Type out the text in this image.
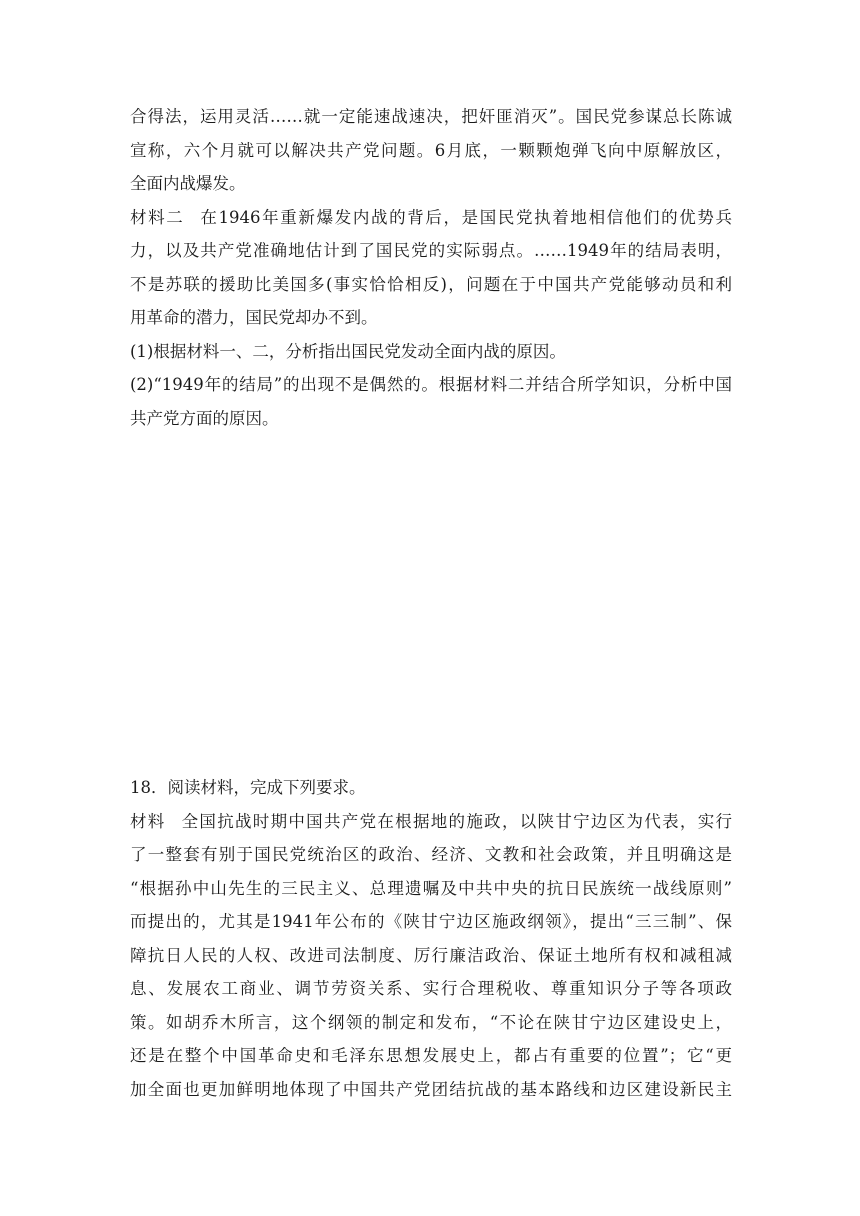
合得法，运用灵活……就一定能速战速决，把奸匪消灭”。国民党参谋总长陈诚
宣称，六个月就可以解决共产党问题。6月底，一颗颗炮弹飞向中原解放区，
全面内战爆发。
材料二 在1946年重新爆发内战的背后，是国民党执着地相信他们的优势兵
力，以及共产党准确地估计到了国民党的实际弱点。……1949年的结局表明，
不是苏联的援助比美国多(事实恰恰相反)，问题在于中国共产党能够动员和利
用革命的潜力，国民党却办不到。
(1)根据材料一、二，分析指出国民党发动全面内战的原因。
(2)“1949年的结局”的出现不是偶然的。根据材料二并结合所学知识，分析中国
共产党方面的原因。
18．阅读材料，完成下列要求。
材料 全国抗战时期中国共产党在根据地的施政，以陕甘宁边区为代表，实行
了一整套有别于国民党统治区的政治、经济、文教和社会政策，并且明确这是
“根据孙中山先生的三民主义、总理遗嘱及中共中央的抗日民族统一战线原则”
而提出的，尤其是1941年公布的《陕甘宁边区施政纲领》，提出“三三制”、保
障抗日人民的人权、改进司法制度、厉行廉洁政治、保证土地所有权和减租减
息、发展农工商业、调节劳资关系、实行合理税收、尊重知识分子等各项政
策。如胡乔木所言，这个纲领的制定和发布，“不论在陕甘宁边区建设史上，
还是在整个中国革命史和毛泽东思想发展史上，都占有重要的位置”；它“更
加全面也更加鲜明地体现了中国共产党团结抗战的基本路线和边区建设新民主
